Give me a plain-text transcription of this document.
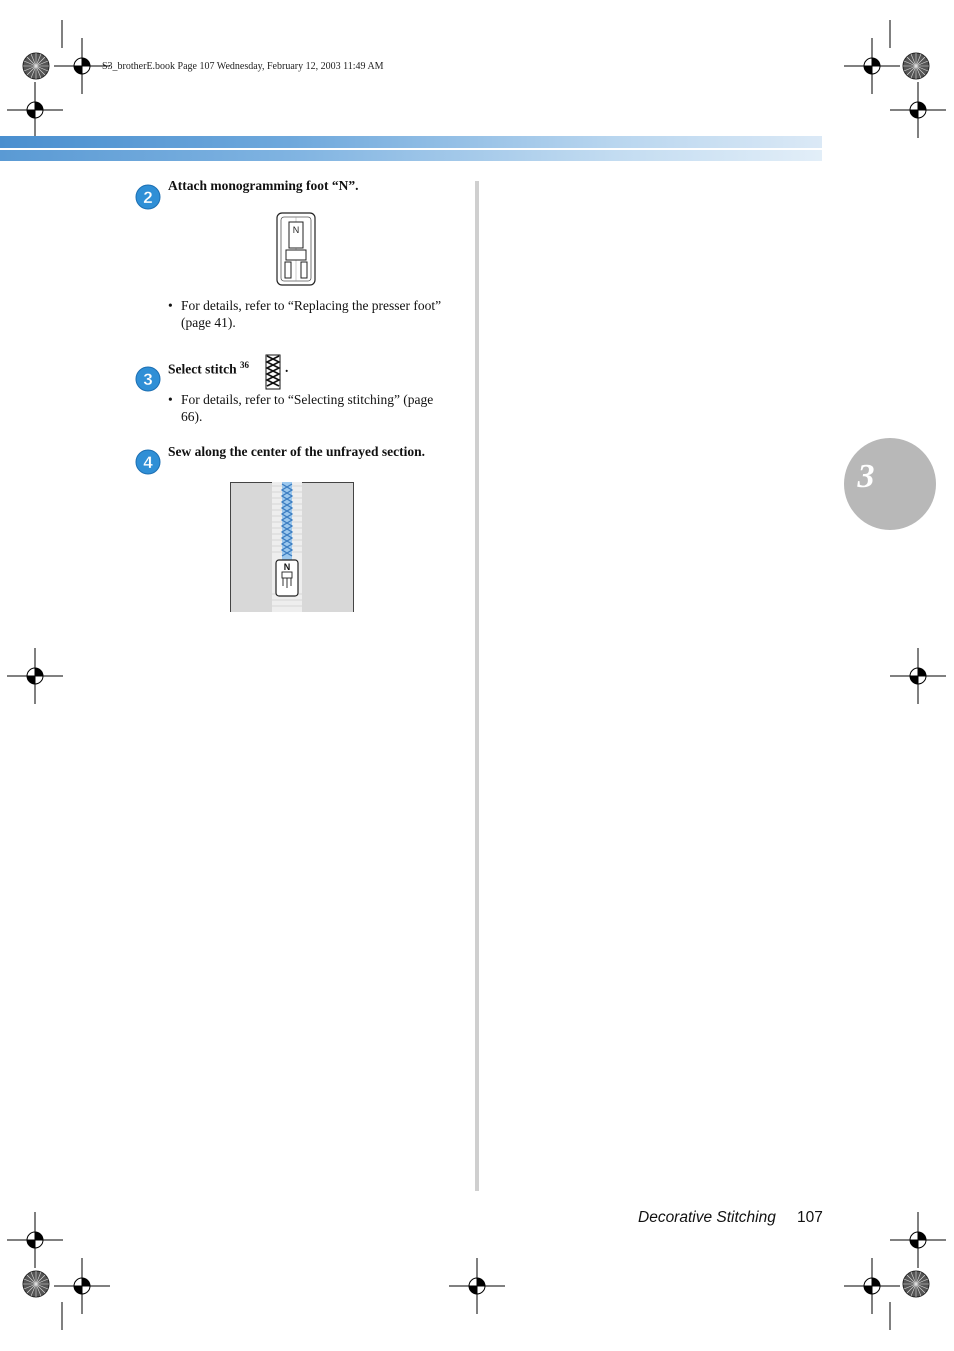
S3_brotherE.book Page 107 Wednesday, February 12, 2003 11:49 AM
3
2
Attach monogramming foot “N”.
N
• For details, refer to “Replacing the presser foot” (page 41).
3
Select stitch $^{36}$	.
• For details, refer to “Selecting stitching” (page 66).
4
Sew along the center of the unfrayed section.
N
Decorative Stitching 107
